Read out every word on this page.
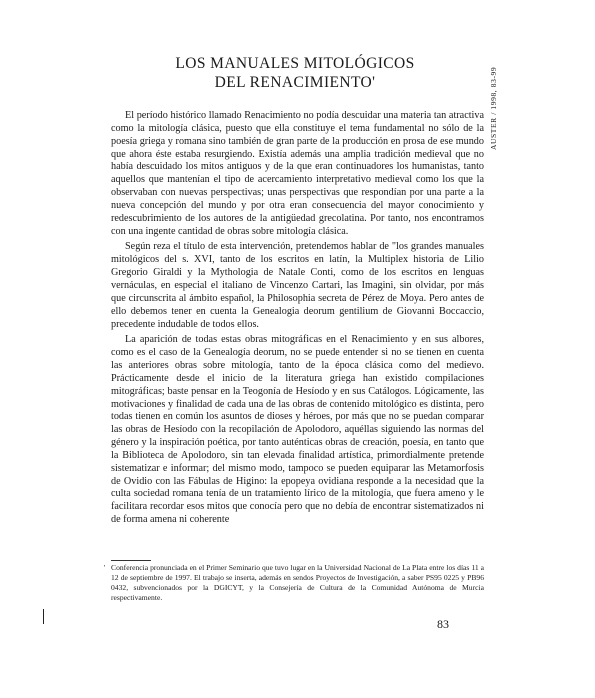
LOS MANUALES MITOLÓGICOS
DEL RENACIMIENTO'	AUSTER / 1998, 83-99

El período histórico llamado Renacimiento no podía descuidar una materia tan atractiva como la mitología clásica, puesto que ella constituye el tema fundamental no sólo de la poesía griega y romana sino también de gran parte de la producción en prosa de ese mundo que ahora éste estaba resurgiendo. Existía además una amplia tradición medieval que no había descuidado los mitos antiguos y de la que eran continuadores los humanistas, tanto aquellos que mantenían el tipo de acercamiento interpretativo medieval como los que la observaban con nuevas perspectivas; unas perspectivas que respondían por una parte a la nueva concepción del mundo y por otra eran consecuencia del mayor conocimiento y redescubrimiento de los autores de la antigüedad grecolatina. Por tanto, nos encontramos con una ingente cantidad de obras sobre mitología clásica.

Según reza el título de esta intervención, pretendemos hablar de "los grandes manuales mitológicos del s. XVI, tanto de los escritos en latín, la Multiplex historia de Lilio Gregorio Giraldi y la Mythologia de Natale Conti, como de los escritos en lenguas vernáculas, en especial el italiano de Vincenzo Cartari, las Imagini, sin olvidar, por más que circunscrita al ámbito español, la Philosophia secreta de Pérez de Moya. Pero antes de ello debemos tener en cuenta la Genealogia deorum gentilium de Giovanni Boccaccio, precedente indudable de todos ellos.

La aparición de todas estas obras mitográficas en el Renacimiento y en sus albores, como es el caso de la Genealogía deorum, no se puede entender si no se tienen en cuenta las anteriores obras sobre mitología, tanto de la época clásica como del medievo. Prácticamente desde el inicio de la literatura griega han existido compilaciones mitográficas; baste pensar en la Teogonía de Hesíodo y en sus Catálogos. Lógicamente, las motivaciones y finalidad de cada una de las obras de contenido mitológico es distinta, pero todas tienen en común los asuntos de dioses y héroes, por más que no se puedan comparar las obras de Hesíodo con la recopilación de Apolodoro, aquéllas siguiendo las normas del género y la inspiración poética, por tanto auténticas obras de creación, poesía, en tanto que la Biblioteca de Apolodoro, sin tan elevada finalidad artística, primordialmente pretende sistematizar e informar; del mismo modo, tampoco se pueden equiparar las Metamorfosis de Ovidio con las Fábulas de Higino: la epopeya ovidiana responde a la necesidad que la culta sociedad romana tenía de un tratamiento lírico de la mitología, que fuera ameno y le facilitara recordar esos mitos que conocía pero que no debía de encontrar sistematizados ni de forma amena ni coherente

' Conferencia pronunciada en el Primer Seminario que tuvo lugar en la Universidad Nacional de La Plata entre los días 11 a 12 de septiembre de 1997. El trabajo se inserta, además en sendos Proyectos de Investigación, a saber PS95 0225 y PB96 0432, subvencionados por la DGICYT, y la Consejería de Cultura de la Comunidad Autónoma de Murcia respectivamente.
83
